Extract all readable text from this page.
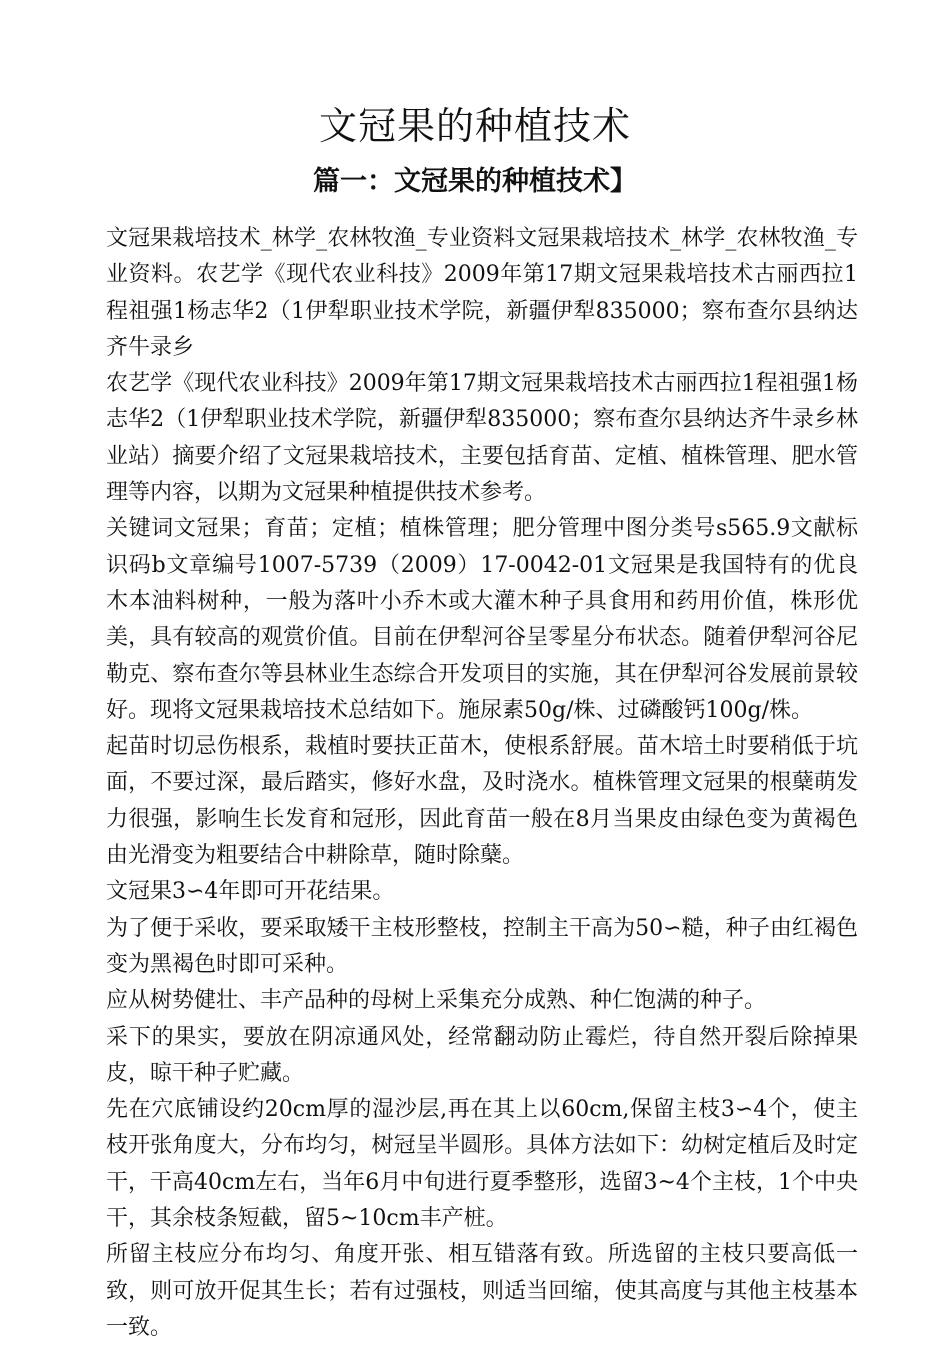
文冠果的种植技术
篇一：文冠果的种植技术】

文冠果栽培技术_林学_农林牧渔_专业资料文冠果栽培技术_林学_农林牧渔_专业资料。农艺学《现代农业科技》2009年第17期文冠果栽培技术古丽西拉1程祖强1杨志华2（1伊犁职业技术学院，新疆伊犁835000；察布查尔县纳达齐牛录乡

农艺学《现代农业科技》2009年第17期文冠果栽培技术古丽西拉1程祖强1杨志华2（1伊犁职业技术学院，新疆伊犁835000；察布查尔县纳达齐牛录乡林业站）摘要介绍了文冠果栽培技术，主要包括育苗、定植、植株管理、肥水管理等内容，以期为文冠果种植提供技术参考。

关键词文冠果；育苗；定植；植株管理；肥分管理中图分类号s565.9文献标识码b文章编号1007-5739（2009）17-0042-01文冠果是我国特有的优良木本油料树种，一般为落叶小乔木或大灌木种子具食用和药用价值，株形优美，具有较高的观赏价值。目前在伊犁河谷呈零星分布状态。随着伊犁河谷尼勒克、察布查尔等县林业生态综合开发项目的实施，其在伊犁河谷发展前景较好。现将文冠果栽培技术总结如下。施尿素50g/株、过磷酸钙100g/株。

起苗时切忌伤根系，栽植时要扶正苗木，使根系舒展。苗木培土时要稍低于坑面，不要过深，最后踏实，修好水盘，及时浇水。植株管理文冠果的根蘖萌发力很强，影响生长发育和冠形，因此育苗一般在8月当果皮由绿色变为黄褐色由光滑变为粗要结合中耕除草，随时除蘖。

文冠果3∽4年即可开花结果。

为了便于采收，要采取矮干主枝形整枝，控制主干高为50∽糙，种子由红褐色变为黑褐色时即可采种。

应从树势健壮、丰产品种的母树上采集充分成熟、种仁饱满的种子。

采下的果实，要放在阴凉通风处，经常翻动防止霉烂，待自然开裂后除掉果皮，晾干种子贮藏。

先在穴底铺设约20cm厚的湿沙层,再在其上以60cm,保留主枝3∽4个，使主枝开张角度大，分布均匀，树冠呈半圆形。具体方法如下：幼树定植后及时定干，干高40cm左右，当年6月中旬进行夏季整形，选留3~4个主枝，1个中央干，其余枝条短截，留5~10cm丰产桩。

所留主枝应分布均匀、角度开张、相互错落有致。所选留的主枝只要高低一致，则可放开促其生长；若有过强枝，则适当回缩，使其高度与其他主枝基本一致。
